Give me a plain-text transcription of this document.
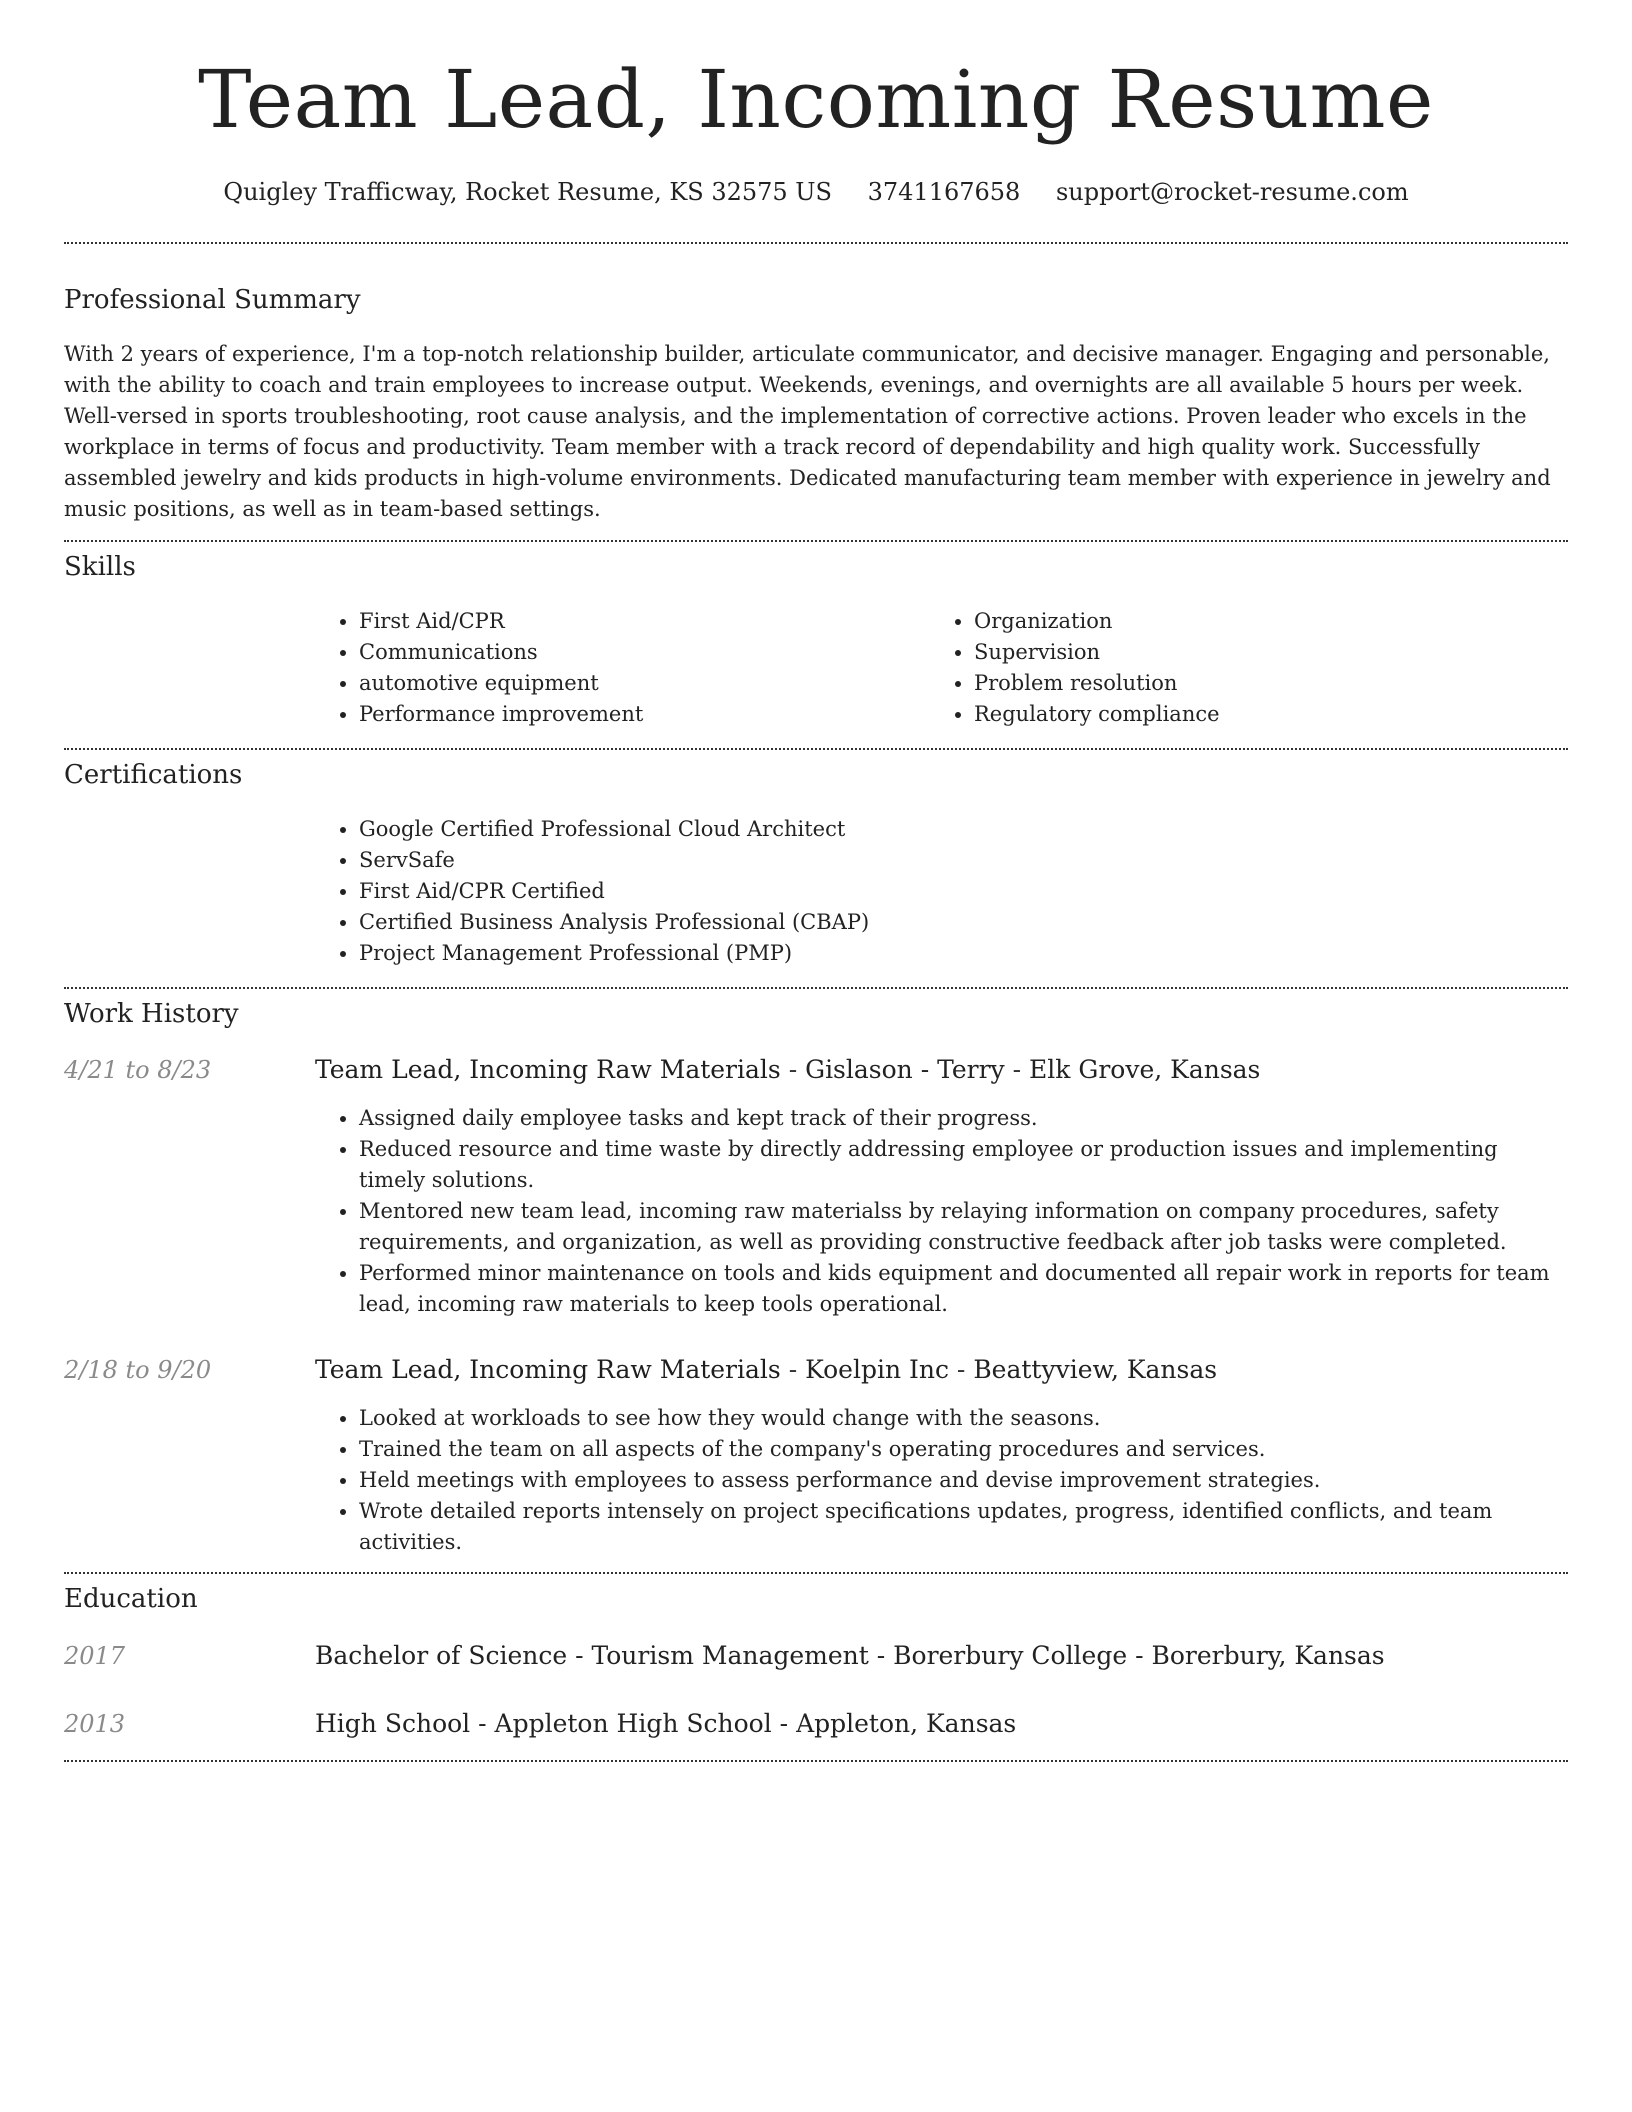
Team Lead, Incoming Resume
Quigley Trafficway, Rocket Resume, KS 32575 US 3741167658 support@rocket-resume.com
Professional Summary

With 2 years of experience, I'm a top-notch relationship builder, articulate communicator, and decisive manager. Engaging and personable, with the ability to coach and train employees to increase output. Weekends, evenings, and overnights are all available 5 hours per week. Well-versed in sports troubleshooting, root cause analysis, and the implementation of corrective actions. Proven leader who excels in the workplace in terms of focus and productivity. Team member with a track record of dependability and high quality work. Successfully assembled jewelry and kids products in high-volume environments. Dedicated manufacturing team member with experience in jewelry and music positions, as well as in team-based settings.

Skills
• First Aid/CPR
• Communications
• automotive equipment
• Performance improvement
• Organization
• Supervision
• Problem resolution
• Regulatory compliance
Certifications
• Google Certified Professional Cloud Architect
• ServSafe
• First Aid/CPR Certified
• Certified Business Analysis Professional (CBAP)
• Project Management Professional (PMP)
Work History
4/21 to 8/23	Team Lead, Incoming Raw Materials - Gislason - Terry - Elk Grove, Kansas
• Assigned daily employee tasks and kept track of their progress.
• Reduced resource and time waste by directly addressing employee or production issues and implementing timely solutions.
• Mentored new team lead, incoming raw materialss by relaying information on company procedures, safety requirements, and organization, as well as providing constructive feedback after job tasks were completed.
• Performed minor maintenance on tools and kids equipment and documented all repair work in reports for team lead, incoming raw materials to keep tools operational.
2/18 to 9/20	Team Lead, Incoming Raw Materials - Koelpin Inc - Beattyview, Kansas
• Looked at workloads to see how they would change with the seasons.
• Trained the team on all aspects of the company's operating procedures and services.
• Held meetings with employees to assess performance and devise improvement strategies.
• Wrote detailed reports intensely on project specifications updates, progress, identified conflicts, and team activities.
Education
2017	Bachelor of Science - Tourism Management - Borerbury College - Borerbury, Kansas
2013	High School - Appleton High School - Appleton, Kansas
